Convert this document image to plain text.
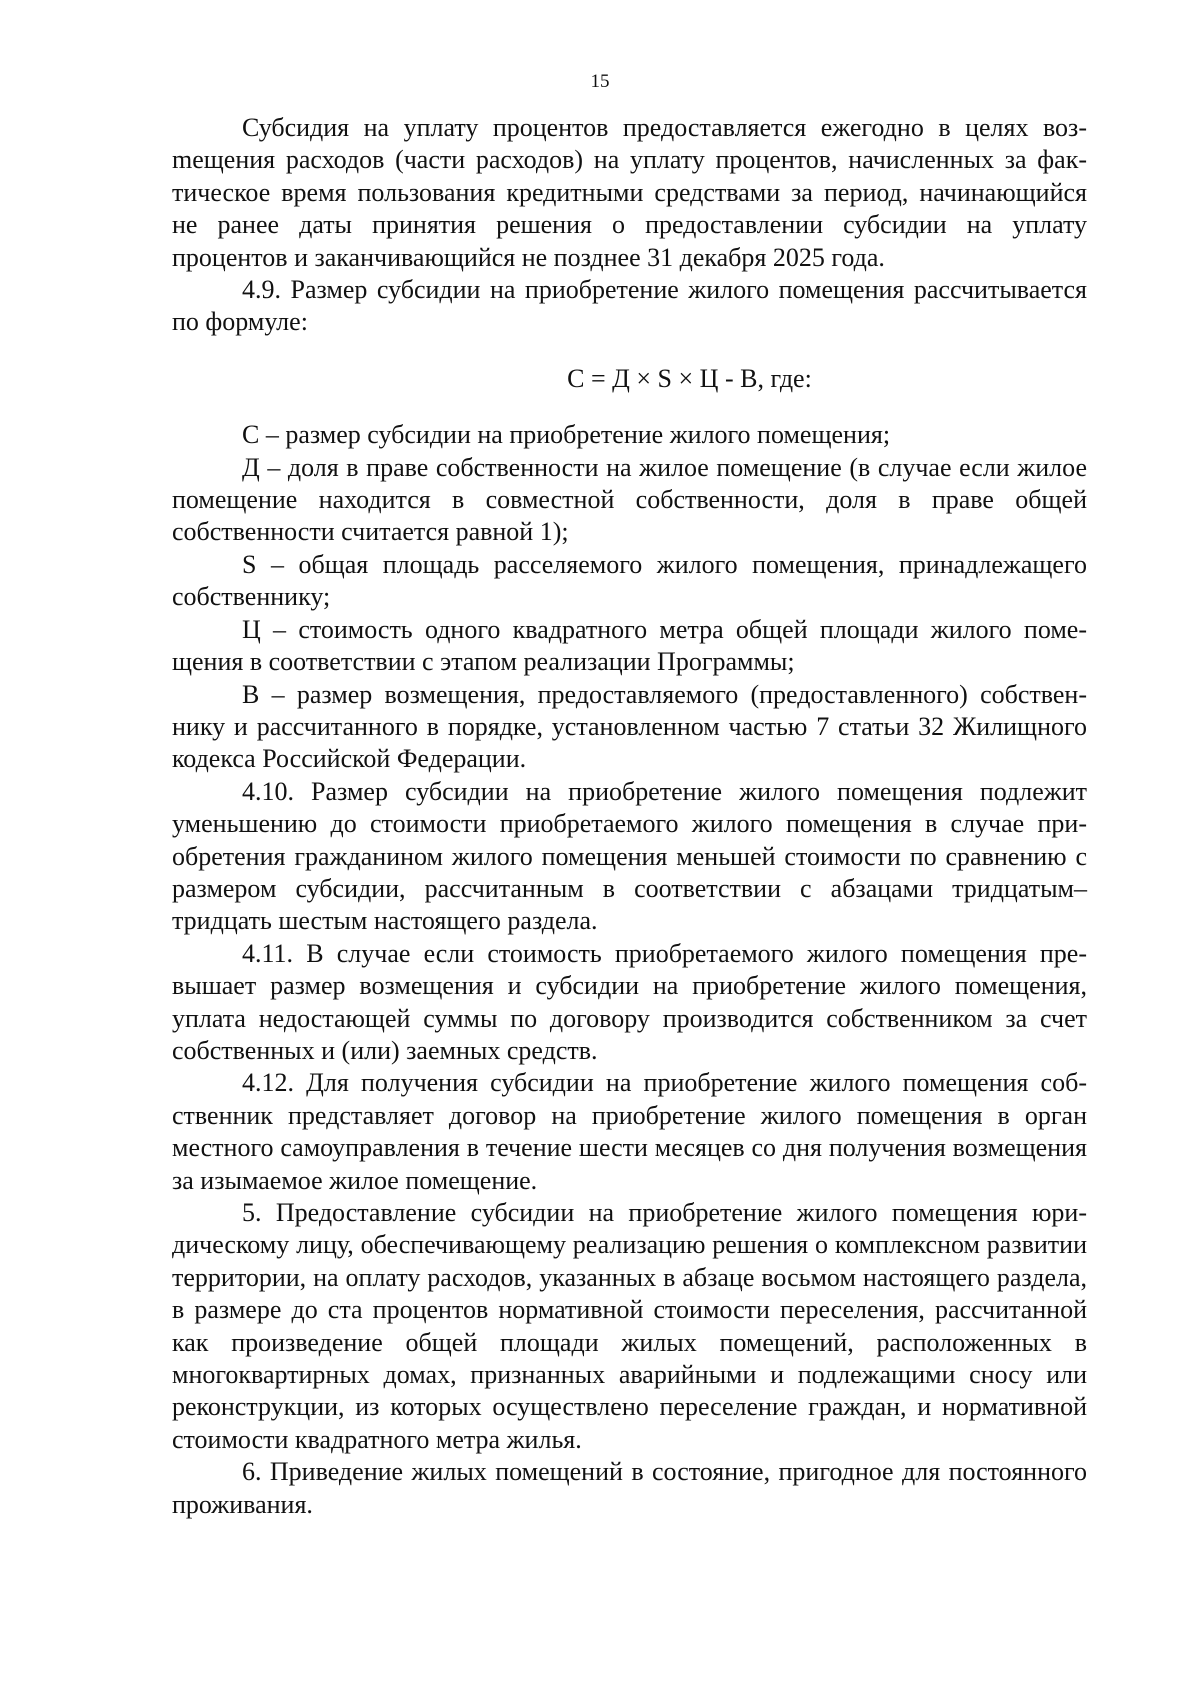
15

Субсидия на уплату процентов предоставляется ежегодно в целях возmещения расходов (части расходов) на уплату процентов, начисленных за фактическое время пользования кредитными средствами за период, начинающийся не ранее даты принятия решения о предоставлении субсидии на уплату процентов и заканчивающийся не позднее 31 декабря 2025 года.

4.9. Размер субсидии на приобретение жилого помещения рассчитывается по формуле:

С = Д × S × Ц - В, где:

С – размер субсидии на приобретение жилого помещения;

Д – доля в праве собственности на жилое помещение (в случае если жилое помещение находится в совместной собственности, доля в праве общей собственности считается равной 1);

S – общая площадь расселяемого жилого помещения, принадлежащего собственнику;

Ц – стоимость одного квадратного метра общей площади жилого помещения в соответствии с этапом реализации Программы;

В – размер возмещения, предоставляемого (предоставленного) собственнику и рассчитанного в порядке, установленном частью 7 статьи 32 Жилищного кодекса Российской Федерации.

4.10. Размер субсидии на приобретение жилого помещения подлежит уменьшению до стоимости приобретаемого жилого помещения в случае приобретения гражданином жилого помещения меньшей стоимости по сравнению с размером субсидии, рассчитанным в соответствии с абзацами тридцатым–тридцать шестым настоящего раздела.

4.11. В случае если стоимость приобретаемого жилого помещения превышает размер возмещения и субсидии на приобретение жилого помещения, уплата недостающей суммы по договору производится собственником за счет собственных и (или) заемных средств.

4.12. Для получения субсидии на приобретение жилого помещения собственник представляет договор на приобретение жилого помещения в орган местного самоуправления в течение шести месяцев со дня получения возмещения за изымаемое жилое помещение.

5. Предоставление субсидии на приобретение жилого помещения юридическому лицу, обеспечивающему реализацию решения о комплексном развитии территории, на оплату расходов, указанных в абзаце восьмом настоящего раздела, в размере до ста процентов нормативной стоимости переселения, рассчитанной как произведение общей площади жилых помещений, расположенных в многоквартирных домах, признанных аварийными и подлежащими сносу или реконструкции, из которых осуществлено переселение граждан, и нормативной стоимости квадратного метра жилья.

6. Приведение жилых помещений в состояние, пригодное для постоянного проживания.
